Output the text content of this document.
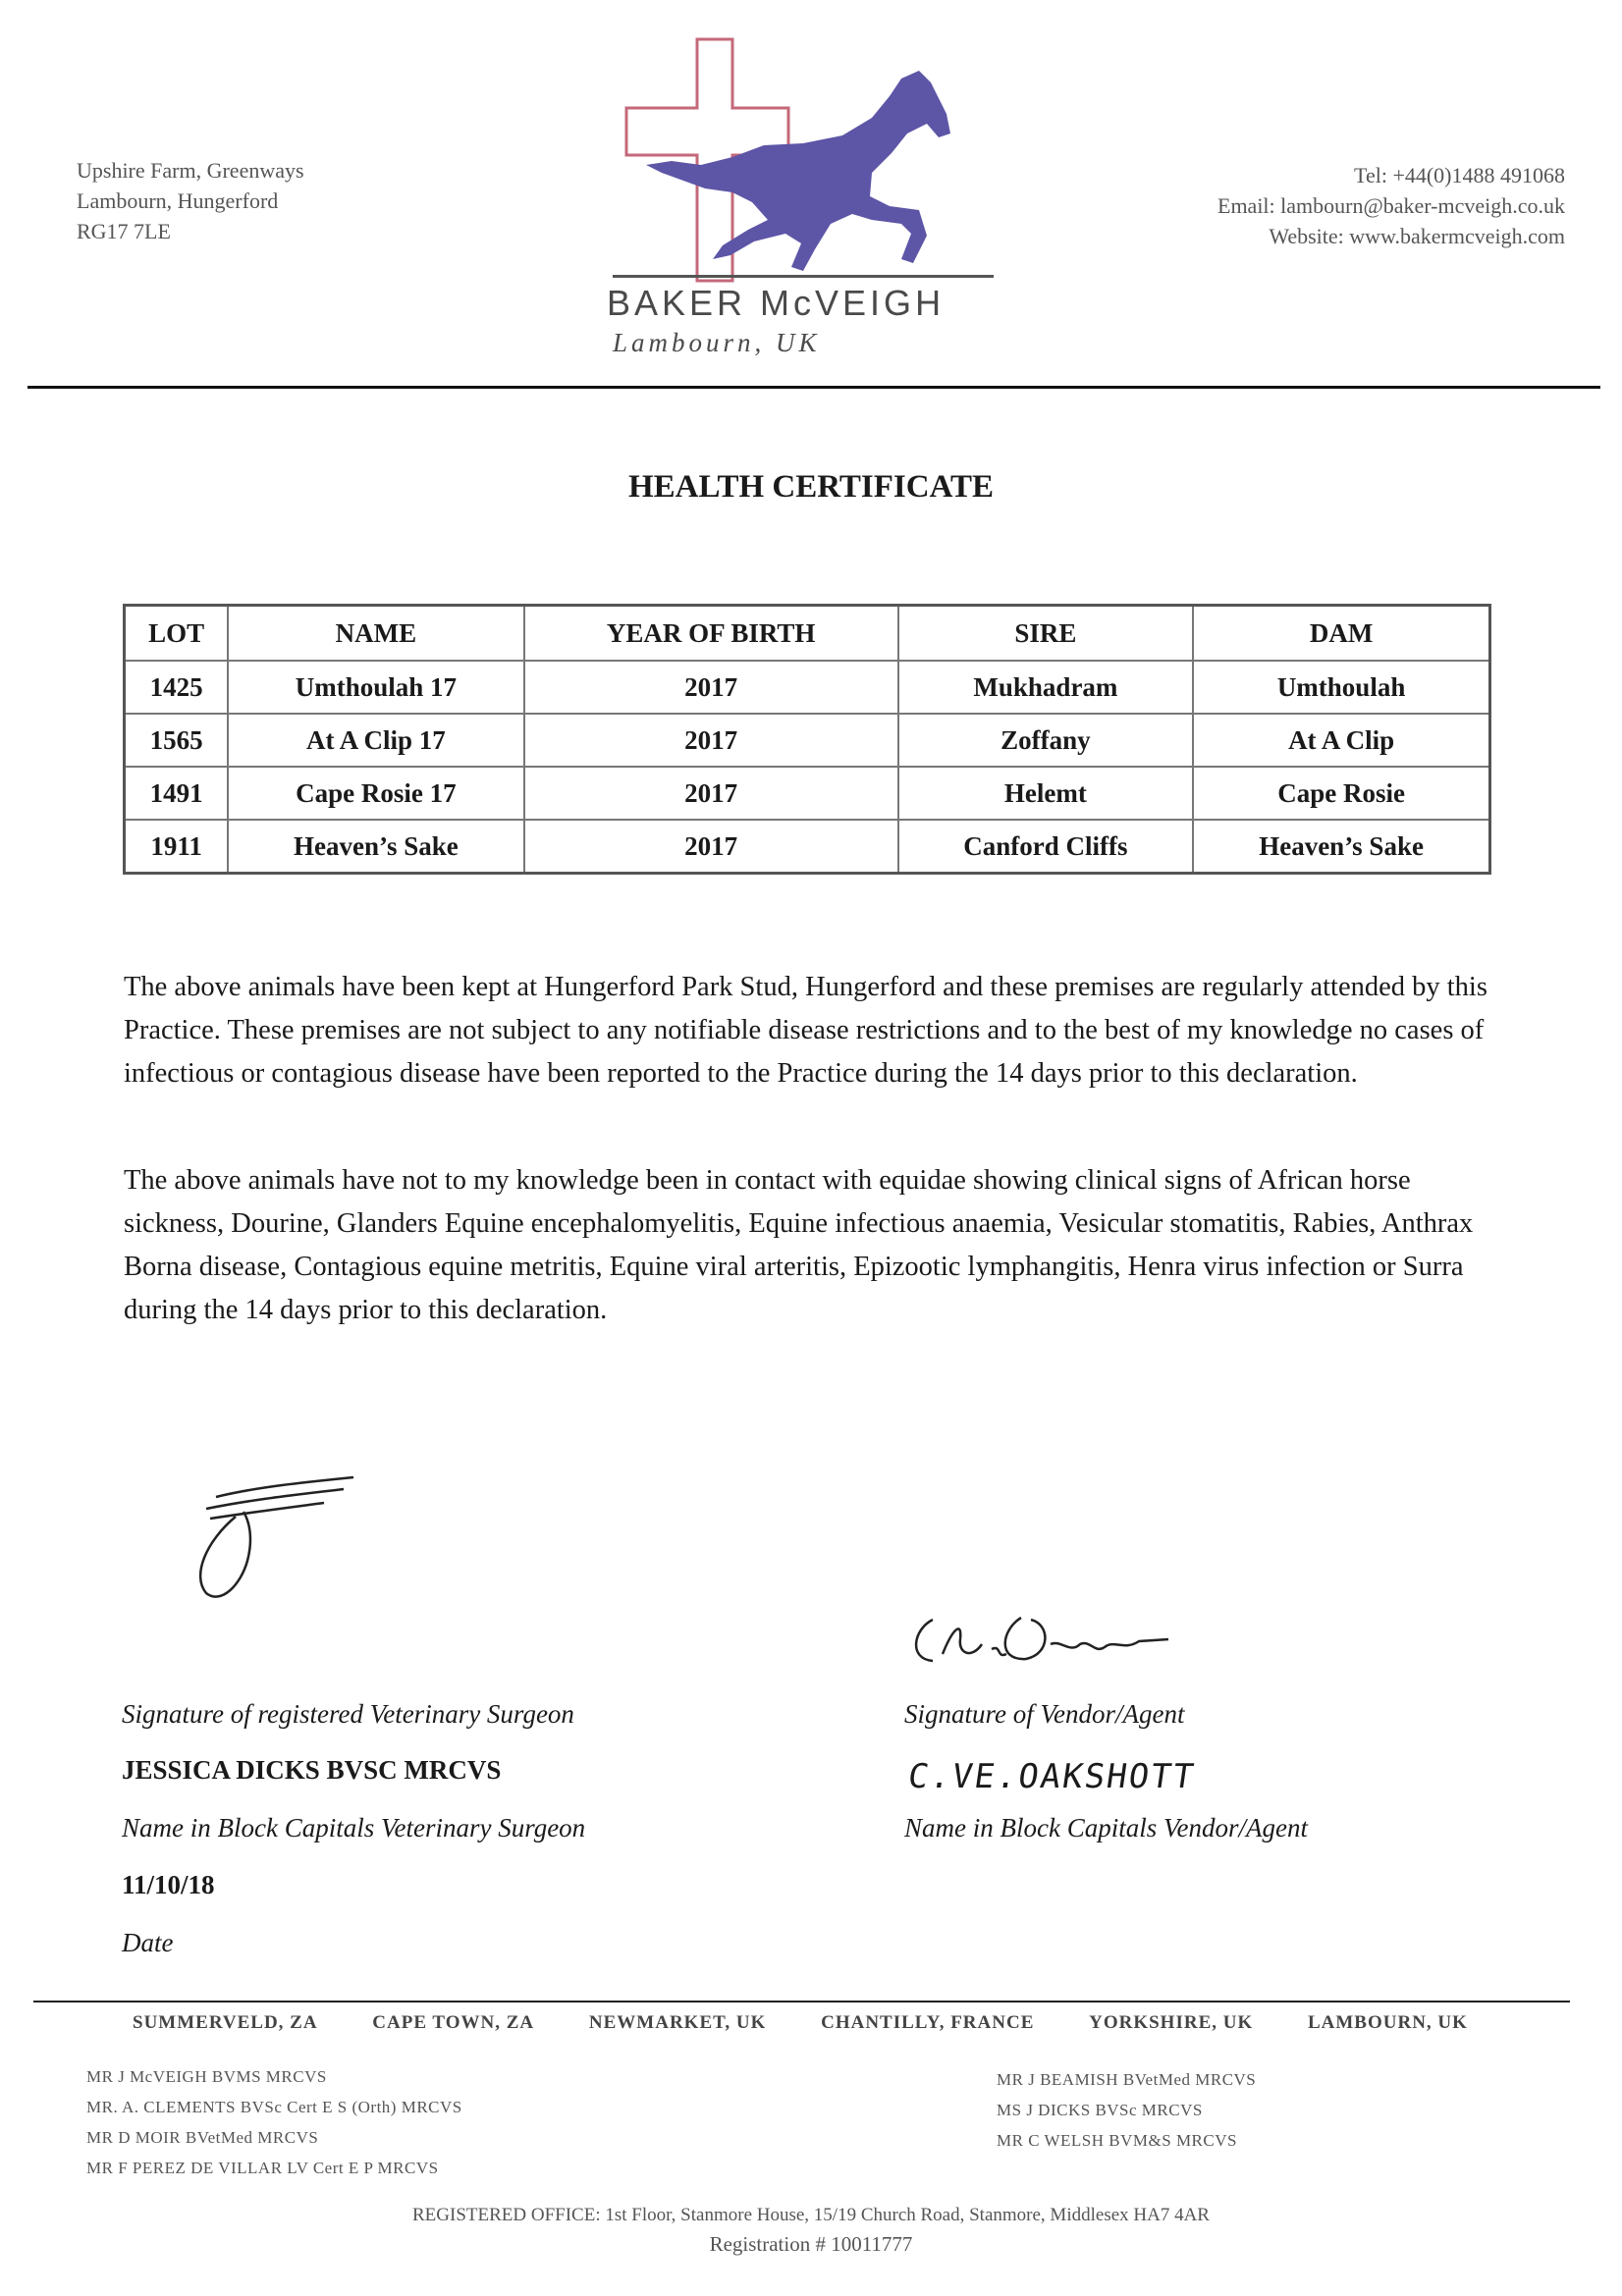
Upshire Farm, Greenways
Lambourn, Hungerford
RG17 7LE
BAKER McVEIGH
Lambourn, UK
Tel: +44(0)1488 491068
Email: lambourn@baker-mcveigh.co.uk
Website: www.bakermcveigh.com
HEALTH CERTIFICATE
LOT	NAME	YEAR OF BIRTH	SIRE	DAM
1425	Umthoulah 17	2017	Mukhadram	Umthoulah
1565	At A Clip 17	2017	Zoffany	At A Clip
1491	Cape Rosie 17	2017	Helemt	Cape Rosie
1911	Heaven’s Sake	2017	Canford Cliffs	Heaven’s Sake
The above animals have been kept at Hungerford Park Stud, Hungerford and these premises are regularly attended by this Practice. These premises are not subject to any notifiable disease restrictions and to the best of my knowledge no cases of infectious or contagious disease have been reported to the Practice during the 14 days prior to this declaration.
The above animals have not to my knowledge been in contact with equidae showing clinical signs of African horse sickness, Dourine, Glanders Equine encephalomyelitis, Equine infectious anaemia, Vesicular stomatitis, Rabies, Anthrax Borna disease, Contagious equine metritis, Equine viral arteritis, Epizootic lymphangitis, Henra virus infection or Surra during the 14 days prior to this declaration.
Signature of registered Veterinary Surgeon
JESSICA DICKS BVSC MRCVS
Name in Block Capitals Veterinary Surgeon
11/10/18
Date
Signature of Vendor/Agent
C.VE.OAKSHOTT
Name in Block Capitals Vendor/Agent
SUMMERVELD, ZA	CAPE TOWN, ZA	NEWMARKET, UK	CHANTILLY, FRANCE	YORKSHIRE, UK	LAMBOURN, UK
MR J McVEIGH BVMS MRCVS
MR. A. CLEMENTS BVSc Cert E S (Orth) MRCVS
MR D MOIR BVetMed MRCVS
MR F PEREZ DE VILLAR LV Cert E P MRCVS
MR J BEAMISH BVetMed MRCVS
MS J DICKS BVSc MRCVS
MR C WELSH BVM&S MRCVS
REGISTERED OFFICE: 1st Floor, Stanmore House, 15/19 Church Road, Stanmore, Middlesex HA7 4AR
Registration # 10011777
